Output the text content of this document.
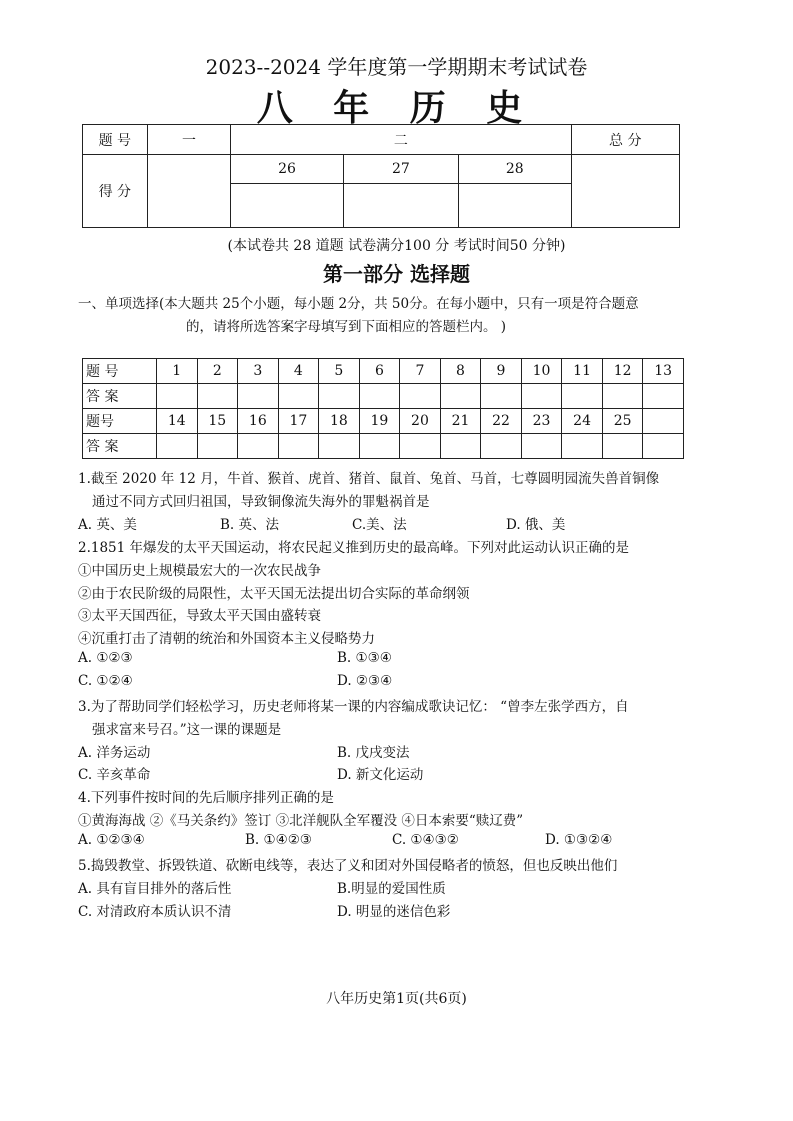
2023--2024 学年度第一学期期末考试试卷
八 年 历 史
题 号	一	二			总 分
得 分		26	27	28	

(本试卷共 28 道题 试卷满分100 分 考试时间50 分钟)
第一部分 选择题
一、单项选择(本大题共 25个小题，每小题 2分，共 50分。在每小题中，只有一项是符合题意
的，请将所选答案字母填写到下面相应的答题栏内。 )
题 号	1	2	3	4	5	6	7	8	9	10	11	12	13
答 案													
题号	14	15	16	17	18	19	20	21	22	23	24	25	
答 案													
1.截至 2020 年 12 月，牛首、猴首、虎首、猪首、鼠首、兔首、马首，七尊圆明园流失兽首铜像
通过不同方式回归祖国，导致铜像流失海外的罪魁祸首是
A. 英、美	B. 英、法	C.美、法	D. 俄、美
2.1851 年爆发的太平天国运动，将农民起义推到历史的最高峰。下列对此运动认识正确的是
①中国历史上规模最宏大的一次农民战争
②由于农民阶级的局限性，太平天国无法提出切合实际的革命纲领
③太平天国西征，导致太平天国由盛转衰
④沉重打击了清朝的统治和外国资本主义侵略势力
A. ①②③	B. ①③④
C. ①②④	D. ②③④
3.为了帮助同学们轻松学习，历史老师将某一课的内容编成歌诀记忆： “曾李左张学西方，自
强求富来号召。”这一课的课题是
A. 洋务运动	B. 戊戌变法
C. 辛亥革命	D. 新文化运动
4.下列事件按时间的先后顺序排列正确的是
①黄海海战 ②《马关条约》签订 ③北洋舰队全军覆没 ④日本索要“赎辽费”
A. ①②③④	B. ①④②③	C. ①④③②	D. ①③②④
5.捣毁教堂、拆毁铁道、砍断电线等，表达了义和团对外国侵略者的愤怒，但也反映出他们
A. 具有盲目排外的落后性	B.明显的爱国性质
C. 对清政府本质认识不清	D. 明显的迷信色彩
八年历史第1页(共6页)
